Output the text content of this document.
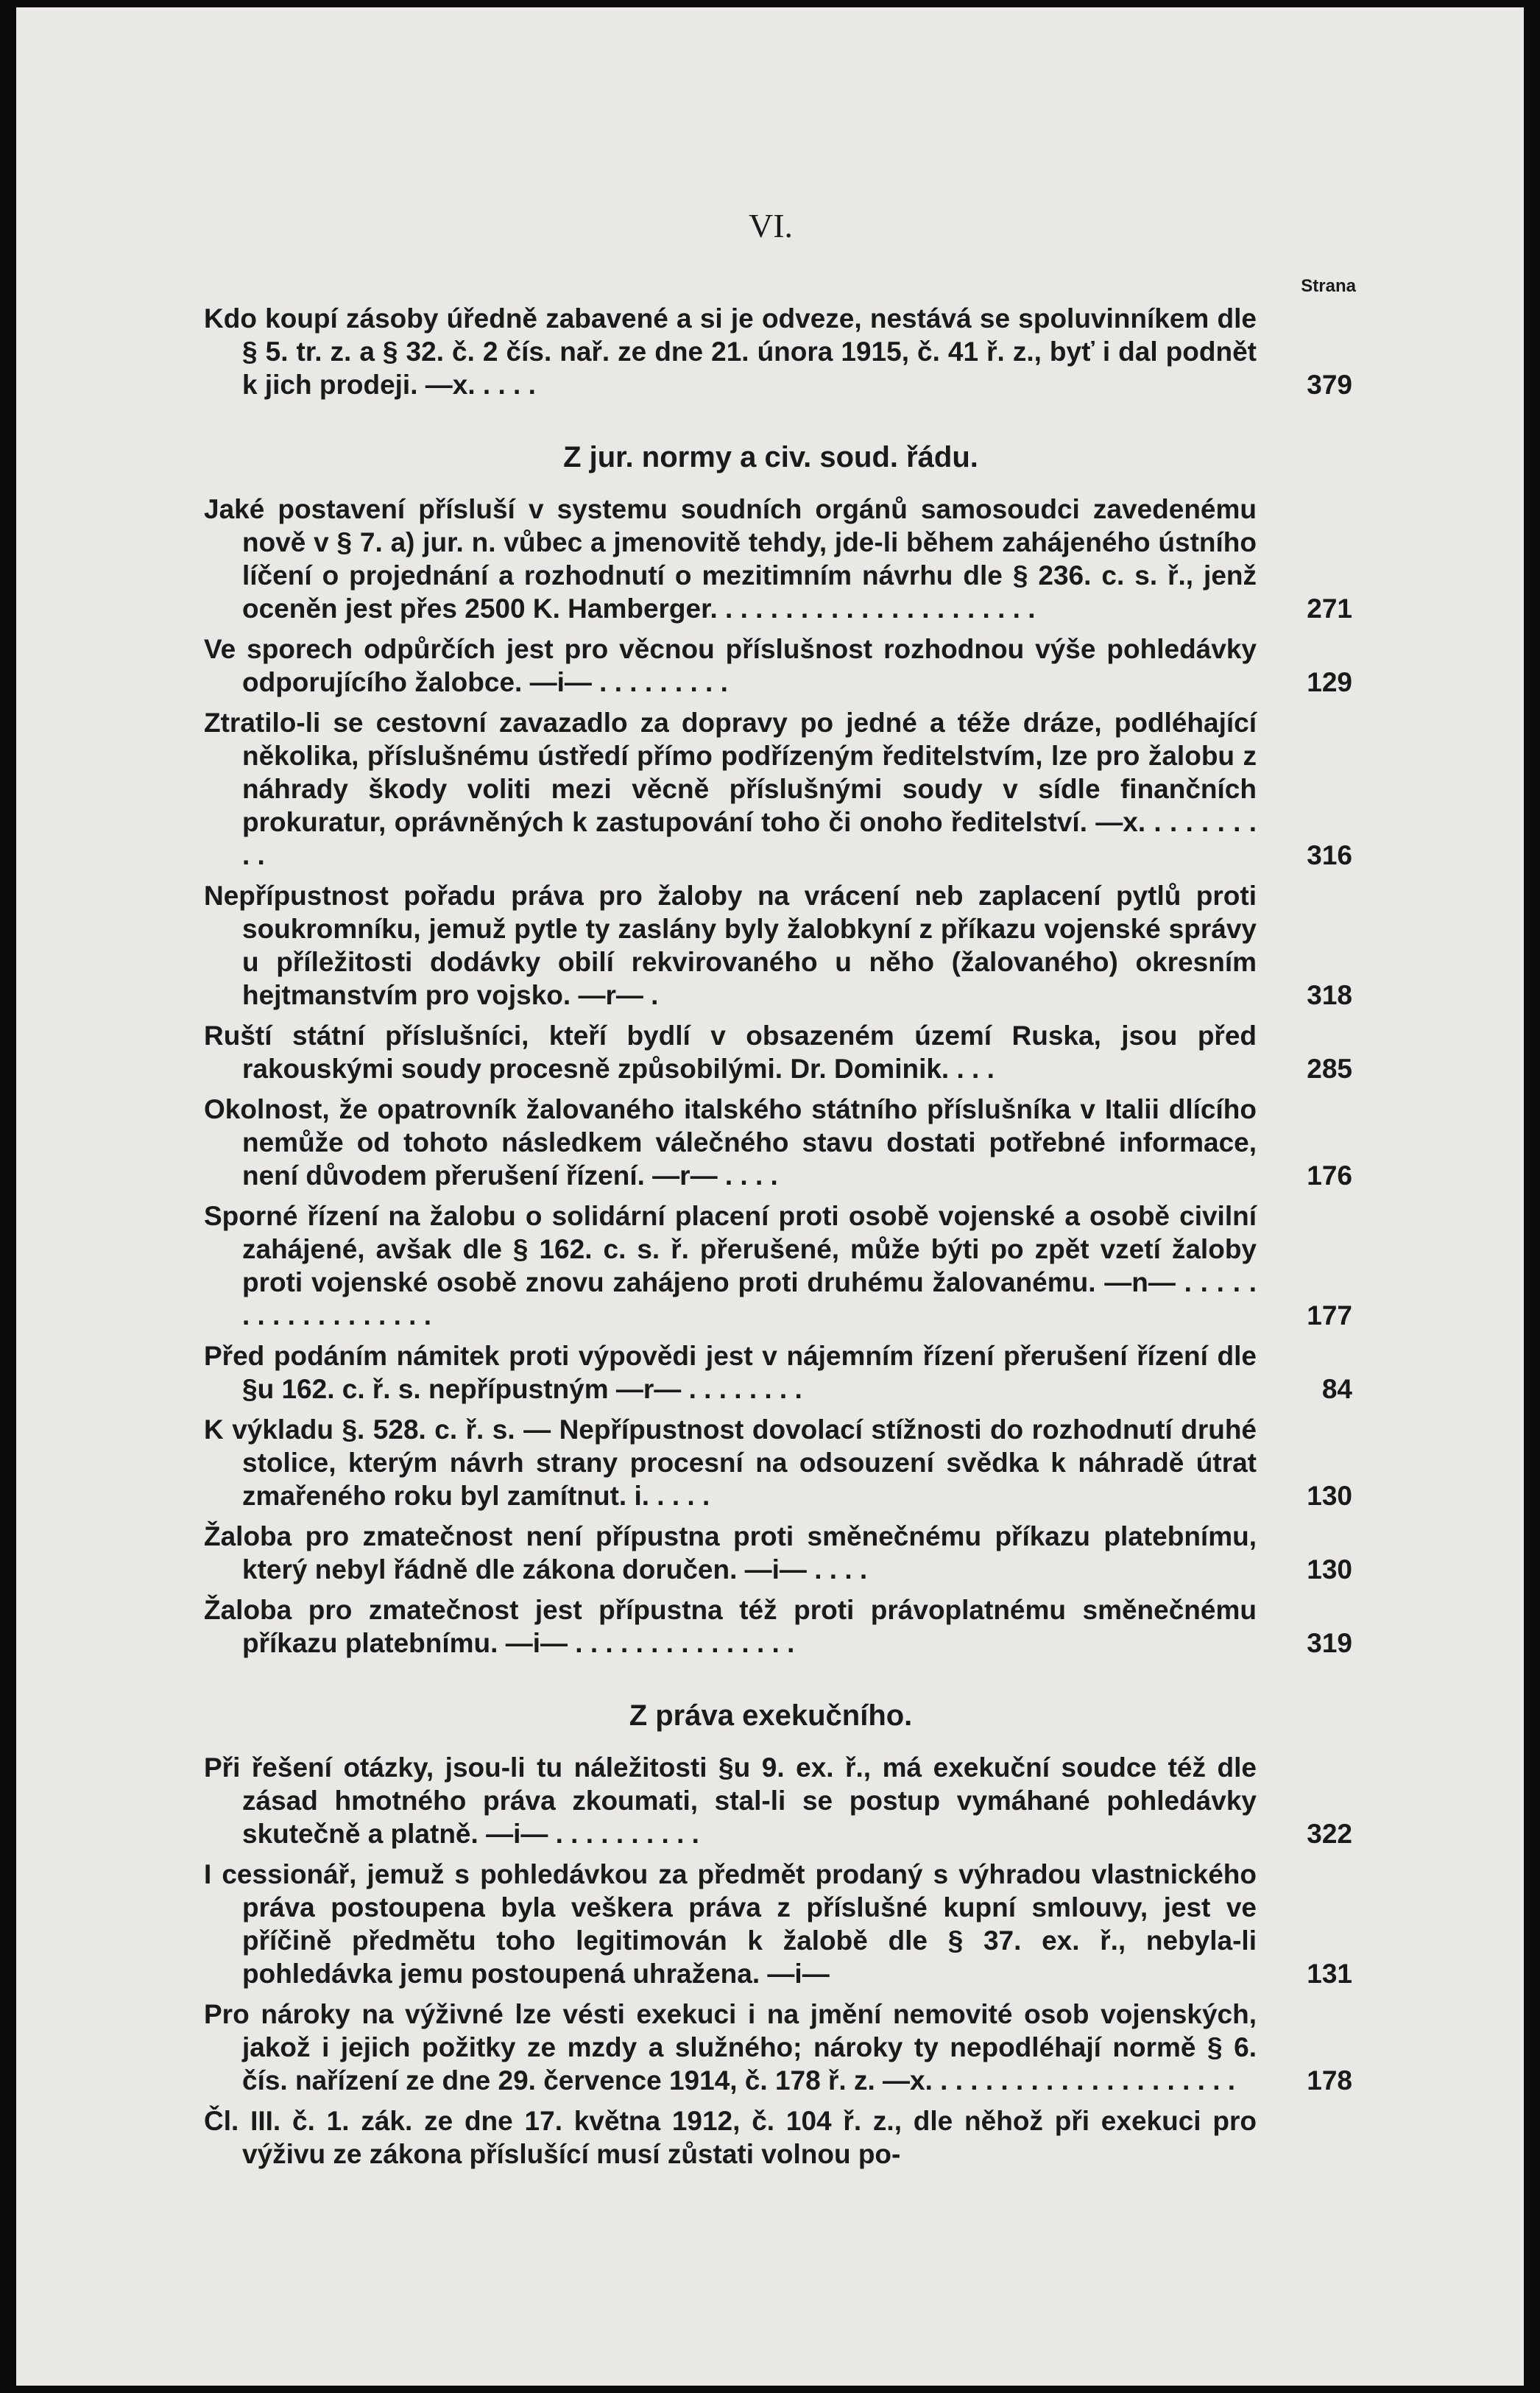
VI.
Strana
Kdo koupí zásoby úředně zabavené a si je odveze, nestává se spoluvinníkem dle § 5. tr. z. a § 32. č. 2 čís. nař. ze dne 21. února 1915, č. 41 ř. z., byť i dal podnět k jich prodeji. —x. . . . .	379
Z jur. normy a civ. soud. řádu.
Jaké postavení přísluší v systemu soudních orgánů samosoudci zavedenému nově v § 7. a) jur. n. vůbec a jmenovitě tehdy, jde-li během zahájeného ústního líčení o projednání a rozhodnutí o mezitimním návrhu dle § 236. c. s. ř., jenž oceněn jest přes 2500 K. Hamberger. . . . . . . . . . . . . . . . . . . . . .	271
Ve sporech odpůrčích jest pro věcnou příslušnost rozhodnou výše pohledávky odporujícího žalobce. —i— . . . . . . . . .	129
Ztratilo-li se cestovní zavazadlo za dopravy po jedné a téže dráze, podléhající několika, příslušnému ústředí přímo podřízeným ředitelstvím, lze pro žalobu z náhrady škody voliti mezi věcně příslušnými soudy v sídle finančních prokuratur, oprávněných k zastupování toho či onoho ředitelství. —x. . . . . . . . . .	316
Nepřípustnost pořadu práva pro žaloby na vrácení neb zaplacení pytlů proti soukromníku, jemuž pytle ty zaslány byly žalobkyní z příkazu vojenské správy u příležitosti dodávky obilí rekvirovaného u něho (žalovaného) okresním hejtmanstvím pro vojsko. —r— .	318
Ruští státní příslušníci, kteří bydlí v obsazeném území Ruska, jsou před rakouskými soudy procesně způsobilými. Dr. Dominik. . . .	285
Okolnost, že opatrovník žalovaného italského státního příslušníka v Italii dlícího nemůže od tohoto následkem válečného stavu dostati potřebné informace, není důvodem přerušení řízení. —r— . . . .	176
Sporné řízení na žalobu o solidární placení proti osobě vojenské a osobě civilní zahájené, avšak dle § 162. c. s. ř. přerušené, může býti po zpět vzetí žaloby proti vojenské osobě znovu zahájeno proti druhému žalovanému. —n— . . . . . . . . . . . . . . . . . .	177
Před podáním námitek proti výpovědi jest v nájemním řízení přerušení řízení dle §u 162. c. ř. s. nepřípustným —r— . . . . . . . .	84
K výkladu §. 528. c. ř. s. — Nepřípustnost dovolací stížnosti do rozhodnutí druhé stolice, kterým návrh strany procesní na odsouzení svědka k náhradě útrat zmařeného roku byl zamítnut. i. . . . .	130
Žaloba pro zmatečnost není přípustna proti směnečnému příkazu platebnímu, který nebyl řádně dle zákona doručen. —i— . . . .	130
Žaloba pro zmatečnost jest přípustna též proti právoplatnému směnečnému příkazu platebnímu. —i— . . . . . . . . . . . . . . .	319
Z práva exekučního.
Při řešení otázky, jsou-li tu náležitosti §u 9. ex. ř., má exekuční soudce též dle zásad hmotného práva zkoumati, stal-li se postup vymáhané pohledávky skutečně a platně. —i— . . . . . . . . . .	322
I cessionář, jemuž s pohledávkou za předmět prodaný s výhradou vlastnického práva postoupena byla veškera práva z příslušné kupní smlouvy, jest ve příčině předmětu toho legitimován k žalobě dle § 37. ex. ř., nebyla-li pohledávka jemu postoupená uhražena. —i—	131
Pro nároky na výživné lze vésti exekuci i na jmění nemovité osob vojenských, jakož i jejich požitky ze mzdy a služného; nároky ty nepodléhají normě § 6. čís. nařízení ze dne 29. července 1914, č. 178 ř. z. —x. . . . . . . . . . . . . . . . . . . . .	178
Čl. III. č. 1. zák. ze dne 17. května 1912, č. 104 ř. z., dle něhož při exekuci pro výživu ze zákona příslušící musí zůstati volnou po-
